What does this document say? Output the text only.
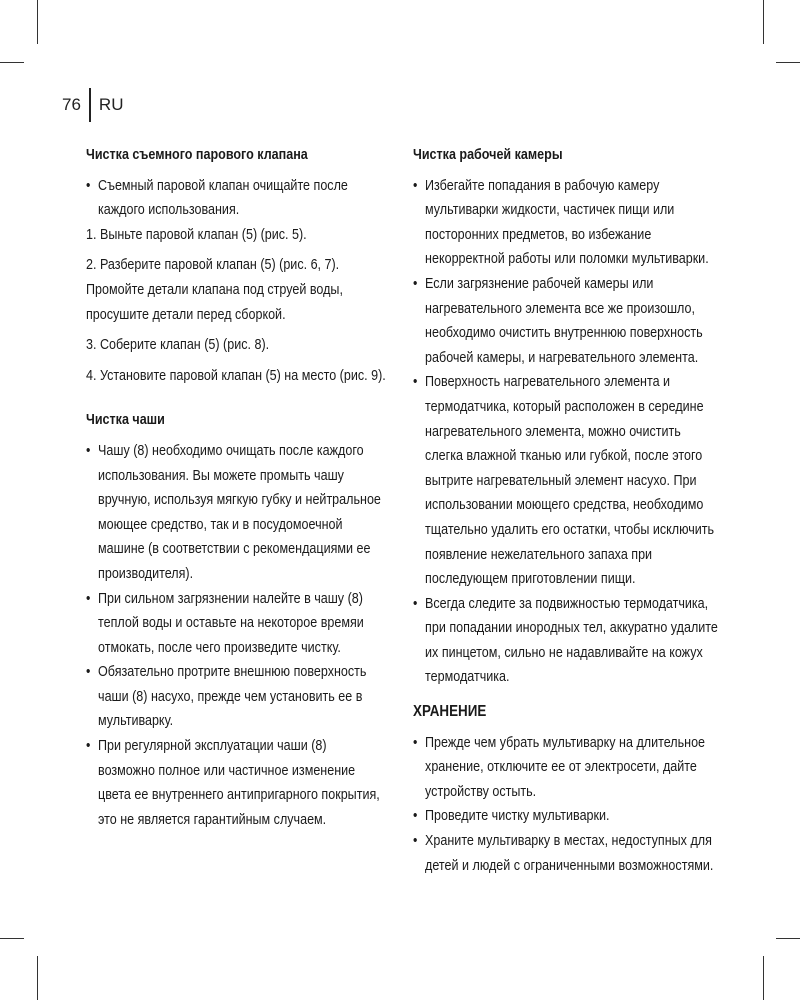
76	RU
Чистка съемного парового клапана
• Съемный паровой клапан очищайте после каждого использования.

1. Выньте паровой клапан (5) (рис. 5).

2. Разберите паровой клапан (5) (рис. 6, 7). Промойте детали клапана под струей воды, просушите детали перед сборкой.

3. Соберите клапан (5) (рис. 8).

4. Установите паровой клапан (5) на место (рис. 9).

Чистка чаши
• Чашу (8) необходимо очищать после каждого использования. Вы можете промыть чашу вручную, используя мягкую губку и нейтральное моющее средство, так и в посудомоечной машине (в соответствии с рекомендациями ее производителя).
• При сильном загрязнении налейте в чашу (8) теплой воды и оставьте на некоторое времяи отмокать, после чего произведите чистку.
• Обязательно протрите внешнюю поверхность чаши (8) насухо, прежде чем установить ее в мультиварку.
• При регулярной эксплуатации чаши (8) возможно полное или частичное изменение цвета ее внутреннего антипригарного покрытия, это не является гарантийным случаем.
Чистка рабочей камеры
• Избегайте попадания в рабочую камеру мультиварки жидкости, частичек пищи или посторонних предметов, во избежание некорректной работы или поломки мультиварки.
• Если загрязнение рабочей камеры или нагревательного элемента все же произошло, необходимо очистить внутреннюю поверхность рабочей камеры, и нагревательного элемента.
• Поверхность нагревательного элемента и термодатчика, который расположен в середине нагревательного элемента, можно очистить слегка влажной тканью или губкой, после этого вытрите нагревательный элемент насухо. При использовании моющего средства, необходимо тщательно удалить его остатки, чтобы исключить появление нежелательного запаха при последующем приготовлении пищи.
• Всегда следите за подвижностью термодатчика, при попадании инородных тел, аккуратно удалите их пинцетом, сильно не надавливайте на кожух термодатчика.
ХРАНЕНИЕ
• Прежде чем убрать мультиварку на длительное хранение, отключите ее от электросети, дайте устройству остыть.
• Проведите чистку мультиварки.
• Храните мультиварку в местах, недоступных для детей и людей с ограниченными возможностями.
